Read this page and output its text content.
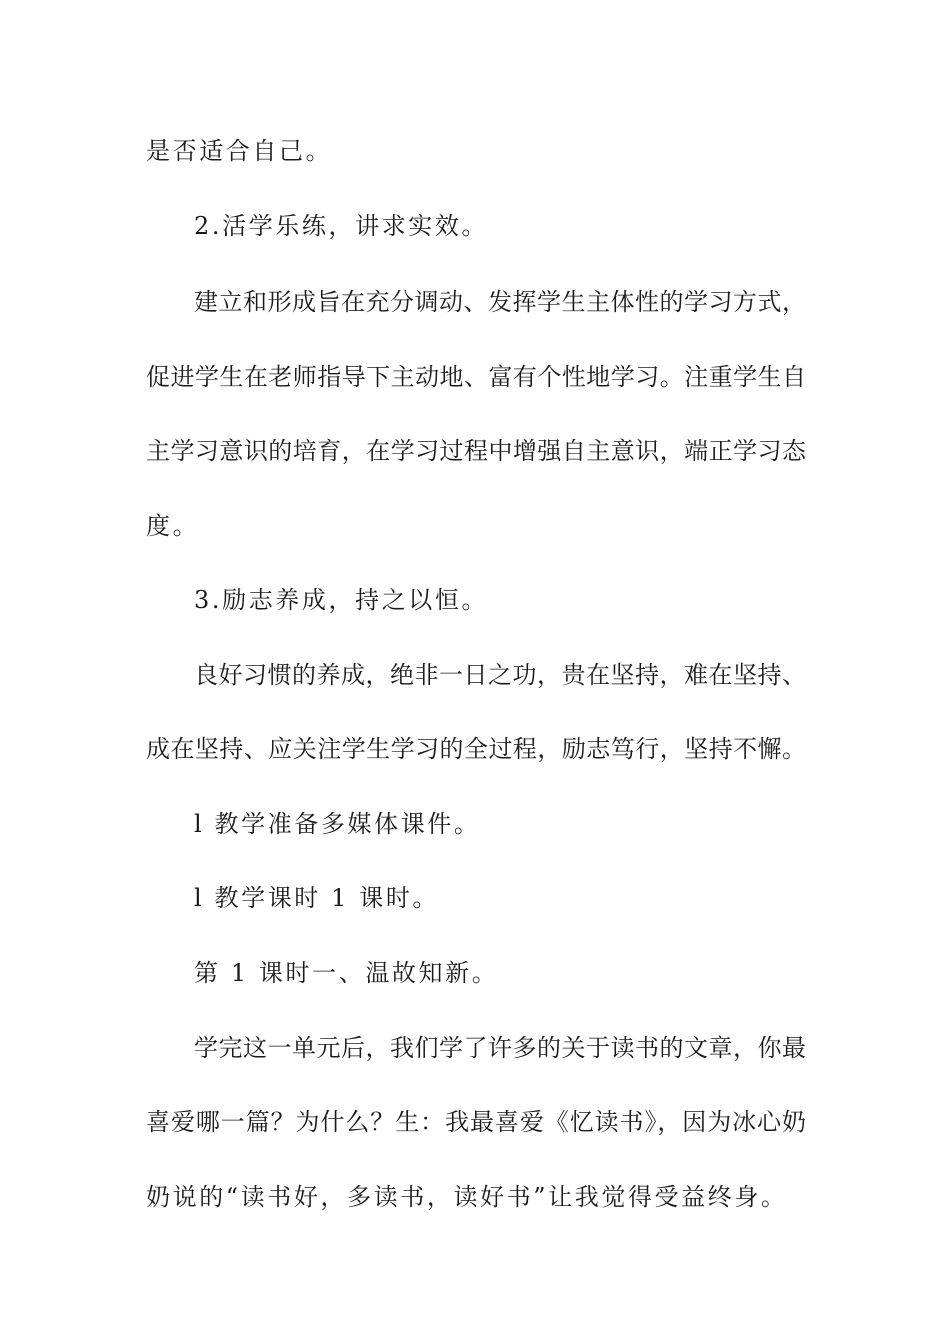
是否适合自己。
2.活学乐练，讲求实效。
建立和形成旨在充分调动、发挥学生主体性的学习方式，
促进学生在老师指导下主动地、富有个性地学习。注重学生自
主学习意识的培育，在学习过程中增强自主意识，端正学习态
度。
3.励志养成，持之以恒。
良好习惯的养成，绝非一日之功，贵在坚持，难在坚持、
成在坚持、应关注学生学习的全过程，励志笃行，坚持不懈。
l 教学准备多媒体课件。
l 教学课时 1 课时。
第 1 课时一、温故知新。
学完这一单元后，我们学了许多的关于读书的文章，你最
喜爱哪一篇？为什么？生：我最喜爱《忆读书》，因为冰心奶
奶说的“读书好，多读书，读好书”让我觉得受益终身。
